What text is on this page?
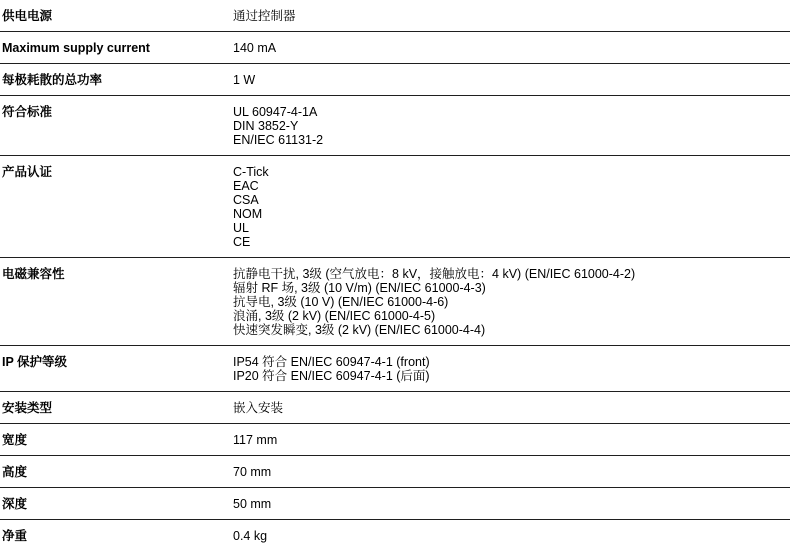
供电电源	通过控制器
Maximum supply current	140 mA
每极耗散的总功率	1 W
符合标准	UL 60947-4-1A
DIN 3852-Y
EN/IEC 61131-2
产品认证	C-Tick
EAC
CSA
NOM
UL
CE
电磁兼容性	抗静电干扰, 3级 (空气放电：8 kV，接触放电：4 kV) (EN/IEC 61000-4-2)
辐射 RF 场, 3级 (10 V/m) (EN/IEC 61000-4-3)
抗导电, 3级 (10 V) (EN/IEC 61000-4-6)
浪涌, 3级 (2 kV) (EN/IEC 61000-4-5)
快速突发瞬变, 3级 (2 kV) (EN/IEC 61000-4-4)
IP 保护等级	IP54 符合 EN/IEC 60947-4-1 (front)
IP20 符合 EN/IEC 60947-4-1 (后面)
安装类型	嵌入安装
宽度	117 mm
高度	70 mm
深度	50 mm
净重	0.4 kg
